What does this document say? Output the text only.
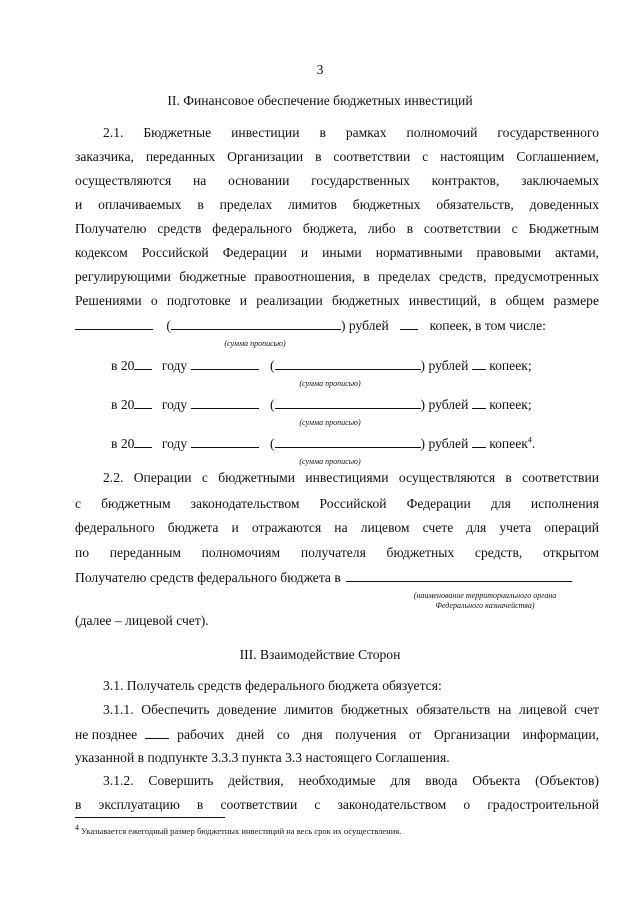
3
II. Финансовое обеспечение бюджетных инвестиций
2.1. Бюджетные инвестиции в рамках полномочий государственного
заказчика, переданных Организации в соответствии с настоящим Соглашением,
осуществляются на основании государственных контрактов, заключаемых
и оплачиваемых в пределах лимитов бюджетных обязательств, доведенных
Получателю средств федерального бюджета, либо в соответствии с Бюджетным
кодексом Российской Федерации и иными нормативными правовыми актами,
регулирующими бюджетные правоотношения, в пределах средств, предусмотренных
Решениями о подготовке и реализации бюджетных инвестиций, в общем размере
(	) рублей	копеек, в том числе:
(сумма прописью)
в 20 году	(	) рублей копеек;
(сумма прописью)
в 20 году	(	) рублей копеек;
(сумма прописью)
в 20 году	(	) рублей копеек$^4$.
(сумма прописью)
2.2. Операции с бюджетными инвестициями осуществляются в соответствии
с бюджетным законодательством Российской Федерации для исполнения
федерального бюджета и отражаются на лицевом счете для учета операций
по переданным полномочиям получателя бюджетных средств, открытом
Получателю средств федерального бюджета в
(наименование территориального органа
Федерального казначейства)
(далее – лицевой счет).
III. Взаимодействие Сторон
3.1. Получатель средств федерального бюджета обязуется:
3.1.1. Обеспечить доведение лимитов бюджетных обязательств на лицевой счет
не позднее	рабочих дней со дня получения от Организации информации,
указанной в подпункте 3.3.3 пункта 3.3 настоящего Соглашения.
3.1.2. Совершить действия, необходимые для ввода Объекта (Объектов)
в эксплуатацию в соответствии с законодательством о градостроительной
$^4$ Указывается ежегодный размер бюджетных инвестиций на весь срок их осуществления.
